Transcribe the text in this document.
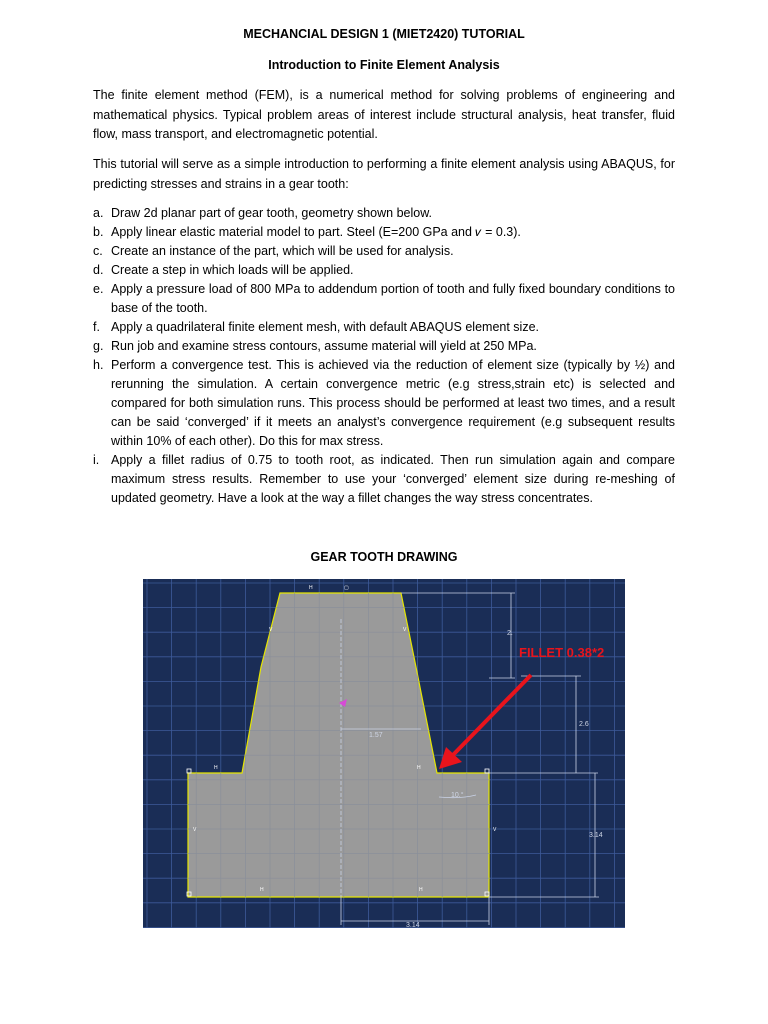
MECHANCIAL DESIGN 1 (MIET2420) TUTORIAL
Introduction to Finite Element Analysis
The finite element method (FEM), is a numerical method for solving problems of engineering and mathematical physics. Typical problem areas of interest include structural analysis, heat transfer, fluid flow, mass transport, and electromagnetic potential.
This tutorial will serve as a simple introduction to performing a finite element analysis using ABAQUS, for predicting stresses and strains in a gear tooth:
a. Draw 2d planar part of gear tooth, geometry shown below.
b. Apply linear elastic material model to part. Steel (E=200 GPa and 𝜈 = 0.3).
c. Create an instance of the part, which will be used for analysis.
d. Create a step in which loads will be applied.
e. Apply a pressure load of 800 MPa to addendum portion of tooth and fully fixed boundary conditions to base of the tooth.
f. Apply a quadrilateral finite element mesh, with default ABAQUS element size.
g. Run job and examine stress contours, assume material will yield at 250 MPa.
h. Perform a convergence test. This is achieved via the reduction of element size (typically by ½) and rerunning the simulation. A certain convergence metric (e.g stress,strain etc) is selected and compared for both simulation runs. This process should be performed at least two times, and a result can be said ‘converged’ if it meets an analyst’s convergence requirement (e.g subsequent results within 10% of each other). Do this for max stress.
i. Apply a fillet radius of 0.75 to tooth root, as indicated. Then run simulation again and compare maximum stress results. Remember to use your ‘converged’ element size during re-meshing of updated geometry. Have a look at the way a fillet changes the way stress concentrates.
GEAR TOOTH DRAWING
2.
2.6
3.14
3.14
1.57
10.°
H	▢
H	H
H	H
V	V
V	V
FILLET 0.38*2
